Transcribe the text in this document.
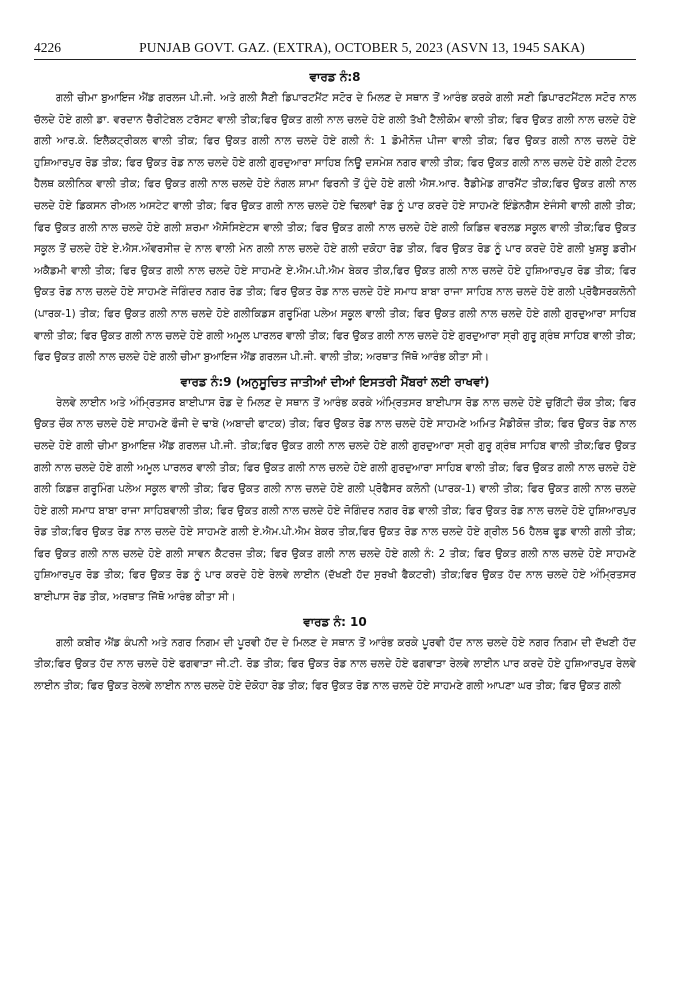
4226	PUNJAB GOVT. GAZ. (EXTRA), OCTOBER 5, 2023 (ASVN 13, 1945 SAKA)
ਵਾਰਡ ਨੰ:8

ਗਲੀ ਚੀਮਾ ਬੁਆਇਜ ਐਂਡ ਗਰਲਜ ਪੀ.ਜੀ. ਅਤੇ ਗਲੀ ਸੈਣੀ ਡਿਪਾਰਟਮੈਂਟ ਸਟੋਰ ਦੇ ਮਿਲਣ ਦੇ ਸਥਾਨ ਤੋਂ ਆਰੰਭ ਕਰਕੇ ਗਲੀ ਸਣੀ ਡਿਪਾਰਟਮੈਂਟਲ ਸਟੋਰ ਨਾਲ ਚੱਲਦੇ ਹੋਏ ਗਲੀ ਡਾ. ਵਰਦਾਨ ਚੈਰੀਟੇਬਲ ਟਰੱਸਟ ਵਾਲੀ ਤੀਕ;ਫਿਰ ਉਕਤ ਗਲੀ ਨਾਲ ਚਲਦੇ ਹੋਏ ਗਲੀ ਤੱਖੀ ਟੈਲੀਕੋਮ ਵਾਲੀ ਤੀਕ; ਫਿਰ ਉਕਤ ਗਲੀ ਨਾਲ ਚਲਦੇ ਹੋਏ ਗਲੀ ਆਰ.ਕੇ. ਇਲੈਕਟ੍ਰੀਕਲ ਵਾਲੀ ਤੀਕ; ਫਿਰ ਉਕਤ ਗਲੀ ਨਾਲ ਚਲਦੇ ਹੋਏ ਗਲੀ ਨੰ: 1 ਡੋਮੀਨੋਜ਼ ਪੀਜਾ ਵਾਲੀ ਤੀਕ; ਫਿਰ ਉਕਤ ਗਲੀ ਨਾਲ ਚਲਦੇ ਹੋਏ ਹੁਸ਼ਿਆਰਪੁਰ ਰੋਡ ਤੀਕ; ਫਿਰ ਉਕਤ ਰੋਡ ਨਾਲ ਚਲਦੇ ਹੋਏ ਗਲੀ ਗੁਰਦੁਆਰਾ ਸਾਹਿਬ ਨਿਊ ਦਸਮੇਸ਼ ਨਗਰ ਵਾਲੀ ਤੀਕ; ਫਿਰ ਉਕਤ ਗਲੀ ਨਾਲ ਚਲਦੇ ਹੋਏ ਗਲੀ ਟੋਟਲ ਹੈਲਥ ਕਲੀਨਿਕ ਵਾਲੀ ਤੀਕ; ਫਿਰ ਉਕਤ ਗਲੀ ਨਾਲ ਚਲਦੇ ਹੋਏ ਨੰਗਲ ਸ਼ਾਮਾ ਫਿਰਨੀ ਤੋਂ ਹੁੰਦੇ ਹੋਏ ਗਲੀ ਐਸ.ਆਰ. ਰੈਡੀਮੇਡ ਗਾਰਮੈਂਟ ਤੀਕ;ਫਿਰ ਉਕਤ ਗਲੀ ਨਾਲ ਚਲਦੇ ਹੋਏ ਡਿਕਸਨ ਰੀਅਲ ਅਸਟੇਟ ਵਾਲੀ ਤੀਕ; ਫਿਰ ਉਕਤ ਗਲੀ ਨਾਲ ਚਲਦੇ ਹੋਏ ਢਿਲਵਾਂ ਰੋਡ ਨੂੰ ਪਾਰ ਕਰਦੇ ਹੋਏ ਸਾਹਮਣੇ ਇੰਡੇਨਗੈਸ ਏਜੰਸੀ ਵਾਲੀ ਗਲੀ ਤੀਕ; ਫਿਰ ਉਕਤ ਗਲੀ ਨਾਲ ਚਲਦੇ ਹੋਏ ਗਲੀ ਸ਼ਰਮਾ ਐਸੋਸਿਏਟਸ ਵਾਲੀ ਤੀਕ; ਫਿਰ ਉਕਤ ਗਲੀ ਨਾਲ ਚਲਦੇ ਹੋਏ ਗਲੀ ਕਿਡਿਜ਼ ਵਰਲਡ ਸਕੂਲ ਵਾਲੀ ਤੀਕ;ਫਿਰ ਉਕਤ ਸਕੂਲ ਤੋਂ ਚਲਦੇ ਹੋਏ ਏ.ਐਸ.ਔਵਰਸੀਜ਼ ਦੇ ਨਾਲ ਵਾਲੀ ਮੇਨ ਗਲੀ ਨਾਲ ਚਲਦੇ ਹੋਏ ਗਲੀ ਦਕੋਹਾ ਰੋਡ ਤੀਕ, ਫਿਰ ਉਕਤ ਰੋਡ ਨੂੰ ਪਾਰ ਕਰਦੇ ਹੋਏ ਗਲੀ ਖੁਸ਼ਬੂ ਡਰੀਮ ਅਕੈਡਮੀ ਵਾਲੀ ਤੀਕ; ਫਿਰ ਉਕਤ ਗਲੀ ਨਾਲ ਚਲਦੇ ਹੋਏ ਸਾਹਮਣੇ ਏ.ਐਮ.ਪੀ.ਐਮ ਬੇਕਰ ਤੀਕ,ਫਿਰ ਉਕਤ ਗਲੀ ਨਾਲ ਚਲਦੇ ਹੋਏ ਹੁਸ਼ਿਆਰਪੁਰ ਰੋਡ ਤੀਕ; ਫਿਰ ਉਕਤ ਰੋਡ ਨਾਲ ਚਲਦੇ ਹੋਏ ਸਾਹਮਣੇ ਜੋਗਿੰਦਰ ਨਗਰ ਰੋਡ ਤੀਕ; ਫਿਰ ਉਕਤ ਰੋਡ ਨਾਲ ਚਲਦੇ ਹੋਏ ਸਮਾਧ ਬਾਬਾ ਰਾਜਾ ਸਾਹਿਬ ਨਾਲ ਚਲਦੇ ਹੋਏ ਗਲੀ ਪ੍ਰੋਫੈਸਰਕਲੋਨੀ (ਪਾਰਕ-1) ਤੀਕ; ਫਿਰ ਉਕਤ ਗਲੀ ਨਾਲ ਚਲਦੇ ਹੋਏ ਗਲੀਕਿਡਸ ਗਰੂਮਿੰਗ ਪਲੇਅ ਸਕੂਲ ਵਾਲੀ ਤੀਕ; ਫਿਰ ਉਕਤ ਗਲੀ ਨਾਲ ਚਲਦੇ ਹੋਏ ਗਲੀ ਗੁਰਦੁਆਰਾ ਸਾਹਿਬ ਵਾਲੀ ਤੀਕ; ਫਿਰ ਉਕਤ ਗਲੀ ਨਾਲ ਚਲਦੇ ਹੋਏ ਗਲੀ ਅਮੂਲ ਪਾਰਲਰ ਵਾਲੀ ਤੀਕ; ਫਿਰ ਉਕਤ ਗਲੀ ਨਾਲ ਚਲਦੇ ਹੋਏ ਗੁਰਦੁਆਰਾ ਸ੍ਰੀ ਗੁਰੂ ਗ੍ਰੰਥ ਸਾਹਿਬ ਵਾਲੀ ਤੀਕ; ਫਿਰ ਉਕਤ ਗਲੀ ਨਾਲ ਚਲਦੇ ਹੋਏ ਗਲੀ ਚੀਮਾ ਬੁਆਇਜ ਐਂਡ ਗਰਲਜ ਪੀ.ਜੀ. ਵਾਲੀ ਤੀਕ; ਅਰਥਾਤ ਜਿੱਥੋ ਆਰੰਭ ਕੀਤਾ ਸੀ।

ਵਾਰਡ ਨੰ:9 (ਅਨੁਸੂਚਿਤ ਜਾਤੀਆਂ ਦੀਆਂ ਇਸਤਰੀ ਮੈਂਬਰਾਂ ਲਈ ਰਾਖਵਾਂ)

ਰੇਲਵੇ ਲਾਈਨ ਅਤੇ ਅੰਮ੍ਰਿਤਸਰ ਬਾਈਪਾਸ ਰੋਡ ਦੇ ਮਿਲਣ ਦੇ ਸਥਾਨ ਤੋਂ ਆਰੰਭ ਕਰਕੇ ਅੰਮ੍ਰਿਤਸਰ ਬਾਈਪਾਸ ਰੋਡ ਨਾਲ ਚਲਦੇ ਹੋਏ ਚੁਗਿੱਟੀ ਚੌਕ ਤੀਕ; ਫਿਰ ਉਕਤ ਚੌਕ ਨਾਲ ਚਲਦੇ ਹੋਏ ਸਾਹਮਣੇ ਫੌਜੀ ਦੇ ਢਾਬੇ (ਅਬਾਦੀ ਫਾਟਕ) ਤੀਕ; ਫਿਰ ਉਕਤ ਰੋਡ ਨਾਲ ਚਲਦੇ ਹੋਏ ਸਾਹਮਣੇ ਅਮਿਤ ਮੈਡੀਕੋਜ਼ ਤੀਕ; ਫਿਰ ਉਕਤ ਰੋਡ ਨਾਲ ਚਲਦੇ ਹੋਏ ਗਲੀ ਚੀਮਾ ਬੁਆਇਜ਼ ਐਂਡ ਗਰਲਜ਼ ਪੀ.ਜੀ. ਤੀਕ;ਫਿਰ ਉਕਤ ਗਲੀ ਨਾਲ ਚਲਦੇ ਹੋਏ ਗਲੀ ਗੁਰਦੁਆਰਾ ਸ੍ਰੀ ਗੁਰੂ ਗ੍ਰੰਥ ਸਾਹਿਬ ਵਾਲੀ ਤੀਕ;ਫਿਰ ਉਕਤ ਗਲੀ ਨਾਲ ਚਲਦੇ ਹੋਏ ਗਲੀ ਅਮੂਲ ਪਾਰਲਰ ਵਾਲੀ ਤੀਕ; ਫਿਰ ਉਕਤ ਗਲੀ ਨਾਲ ਚਲਦੇ ਹੋਏ ਗਲੀ ਗੁਰਦੁਆਰਾ ਸਾਹਿਬ ਵਾਲੀ ਤੀਕ; ਫਿਰ ਉਕਤ ਗਲੀ ਨਾਲ ਚਲਦੇ ਹੋਏ ਗਲੀ ਕਿਡਜ਼ ਗਰੂਮਿੰਗ ਪਲੇਅ ਸਕੂਲ ਵਾਲੀ ਤੀਕ; ਫਿਰ ਉਕਤ ਗਲੀ ਨਾਲ ਚਲਦੇ ਹੋਏ ਗਲੀ ਪ੍ਰੋਫੈਸਰ ਕਲੋਨੀ (ਪਾਰਕ-1) ਵਾਲੀ ਤੀਕ; ਫਿਰ ਉਕਤ ਗਲੀ ਨਾਲ ਚਲਦੇ ਹੋਏ ਗਲੀ ਸਮਾਧ ਬਾਬਾ ਰਾਜਾ ਸਾਹਿਬਵਾਲੀ ਤੀਕ; ਫਿਰ ਉਕਤ ਗਲੀ ਨਾਲ ਚਲਦੇ ਹੋਏ ਜੋਗਿੰਦਰ ਨਗਰ ਰੋਡ ਵਾਲੀ ਤੀਕ; ਫਿਰ ਉਕਤ ਰੋਡ ਨਾਲ ਚਲਦੇ ਹੋਏ ਹੁਸ਼ਿਆਰਪੁਰ ਰੋਡ ਤੀਕ;ਫਿਰ ਉਕਤ ਰੋਡ ਨਾਲ ਚਲਦੇ ਹੋਏ ਸਾਹਮਣੇ ਗਲੀ ਏ.ਐਮ.ਪੀ.ਐਮ ਬੇਕਰ ਤੀਕ,ਫਿਰ ਉਕਤ ਰੋਡ ਨਾਲ ਚਲਦੇ ਹੋਏ ਗ੍ਰੀਲ 56 ਹੈਲਥ ਫੂਡ ਵਾਲੀ ਗਲੀ ਤੀਕ; ਫਿਰ ਉਕਤ ਗਲੀ ਨਾਲ ਚਲਦੇ ਹੋਏ ਗਲੀ ਸਾਵਨ ਕੈਟਰਜ਼ ਤੀਕ; ਫਿਰ ਉਕਤ ਗਲੀ ਨਾਲ ਚਲਦੇ ਹੋਏ ਗਲੀ ਨੰ: 2 ਤੀਕ; ਫਿਰ ਉਕਤ ਗਲੀ ਨਾਲ ਚਲਦੇ ਹੋਏ ਸਾਹਮਣੇ ਹੁਸ਼ਿਆਰਪੁਰ ਰੋਡ ਤੀਕ; ਫਿਰ ਉਕਤ ਰੋਡ ਨੂੰ ਪਾਰ ਕਰਦੇ ਹੋਏ ਰੇਲਵੇ ਲਾਈਨ (ਦੱਖਣੀ ਹੱਦ ਸੁਰਖੀ ਫੈਕਟਰੀ) ਤੀਕ;ਫਿਰ ਉਕਤ ਹੱਦ ਨਾਲ ਚਲਦੇ ਹੋਏ ਅੰਮ੍ਰਿਤਸਰ ਬਾਈਪਾਸ ਰੋਡ ਤੀਕ, ਅਰਥਾਤ ਜਿੱਥੋ ਆਰੰਭ ਕੀਤਾ ਸੀ।

ਵਾਰਡ ਨੰ: 10

ਗਲੀ ਕਬੀਰ ਐਂਡ ਕੰਪਨੀ ਅਤੇ ਨਗਰ ਨਿਗਮ ਦੀ ਪੂਰਵੀ ਹੱਦ ਦੇ ਮਿਲਣ ਦੇ ਸਥਾਨ ਤੋਂ ਆਰੰਭ ਕਰਕੇ ਪੂਰਵੀ ਹੱਦ ਨਾਲ ਚਲਦੇ ਹੋਏ ਨਗਰ ਨਿਗਮ ਦੀ ਦੱਖਣੀ ਹੱਦ ਤੀਕ;ਫਿਰ ਉਕਤ ਹੱਦ ਨਾਲ ਚਲਦੇ ਹੋਏ ਫਗਵਾੜਾ ਜੀ.ਟੀ. ਰੋਡ ਤੀਕ; ਫਿਰ ਉਕਤ ਰੋਡ ਨਾਲ ਚਲਦੇ ਹੋਏ ਫਗਵਾੜਾ ਰੇਲਵੇ ਲਾਈਨ ਪਾਰ ਕਰਦੇ ਹੋਏ ਹੁਸ਼ਿਆਰਪੁਰ ਰੇਲਵੇ ਲਾਈਨ ਤੀਕ; ਫਿਰ ਉਕਤ ਰੇਲਵੇ ਲਾਈਨ ਨਾਲ ਚਲਦੇ ਹੋਏ ਦੋਕੋਹਾ ਰੋਡ ਤੀਕ; ਫਿਰ ਉਕਤ ਰੋਡ ਨਾਲ ਚਲਦੇ ਹੋਏ ਸਾਹਮਣੇ ਗਲੀ ਆਪਣਾ ਘਰ ਤੀਕ; ਫਿਰ ਉਕਤ ਗਲੀ
